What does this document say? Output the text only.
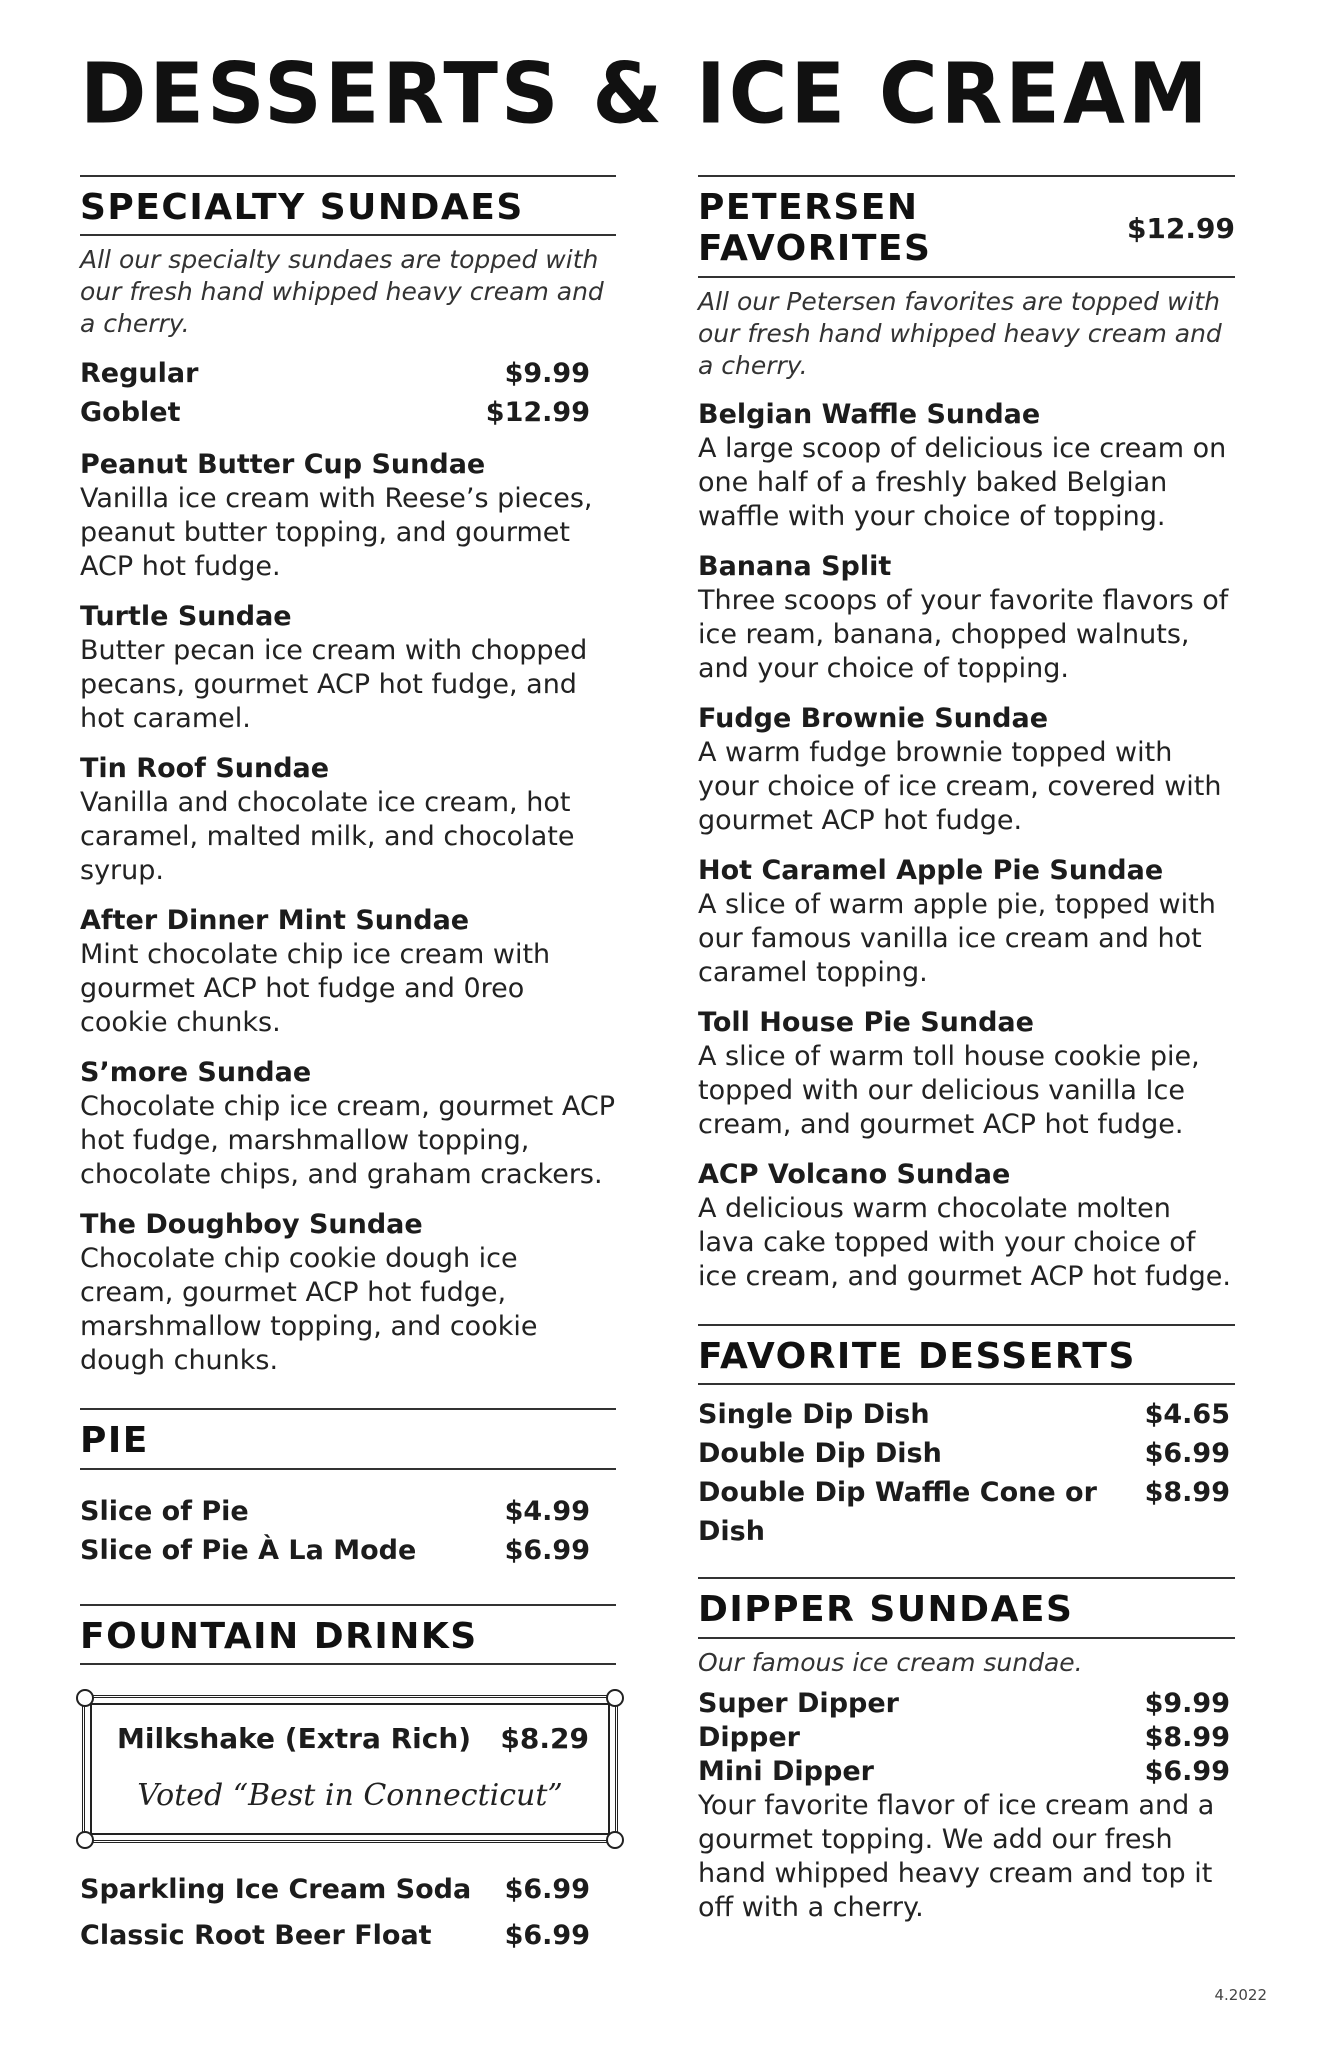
DESSERTS & ICE CREAM
SPECIALTY SUNDAES
All our specialty sundaes are topped with our fresh hand whipped heavy cream and a cherry.
Regular	$9.99
Goblet	$12.99
Peanut Butter Cup Sundae
Vanilla ice cream with Reese’s pieces, peanut butter topping, and gourmet ACP hot fudge.
Turtle Sundae
Butter pecan ice cream with chopped pecans, gourmet ACP hot fudge, and hot caramel.
Tin Roof Sundae
Vanilla and chocolate ice cream, hot caramel, malted milk, and chocolate syrup.
After Dinner Mint Sundae
Mint chocolate chip ice cream with gourmet ACP hot fudge and 0reo cookie chunks.
S’more Sundae
Chocolate chip ice cream, gourmet ACP hot fudge, marshmallow topping, chocolate chips, and graham crackers.
The Doughboy Sundae
Chocolate chip cookie dough ice cream, gourmet ACP hot fudge, marshmallow topping, and cookie dough chunks.
PIE
Slice of Pie	$4.99
Slice of Pie À La Mode	$6.99
FOUNTAIN DRINKS
Milkshake (Extra Rich) $8.29
Voted “Best in Connecticut”
Sparkling Ice Cream Soda $6.99
Classic Root Beer Float	$6.99
PETERSEN FAVORITES	$12.99
All our Petersen favorites are topped with our fresh hand whipped heavy cream and a cherry.
Belgian Waffle Sundae
A large scoop of delicious ice cream on one half of a freshly baked Belgian waffle with your choice of topping.
Banana Split
Three scoops of your favorite flavors of ice ream, banana, chopped walnuts, and your choice of topping.
Fudge Brownie Sundae
A warm fudge brownie topped with your choice of ice cream, covered with gourmet ACP hot fudge.
Hot Caramel Apple Pie Sundae
A slice of warm apple pie, topped with our famous vanilla ice cream and hot caramel topping.
Toll House Pie Sundae
A slice of warm toll house cookie pie, topped with our delicious vanilla Ice cream, and gourmet ACP hot fudge.
ACP Volcano Sundae
A delicious warm chocolate molten lava cake topped with your choice of ice cream, and gourmet ACP hot fudge.
FAVORITE DESSERTS
Single Dip Dish	$4.65
Double Dip Dish	$6.99
Double Dip Waffle Cone or Dish
$8.99
DIPPER SUNDAES
Our famous ice cream sundae.
Super Dipper	$9.99
Dipper	$8.99
Mini Dipper	$6.99
Your favorite flavor of ice cream and a gourmet topping. We add our fresh hand whipped heavy cream and top it off with a cherry.
4.2022
